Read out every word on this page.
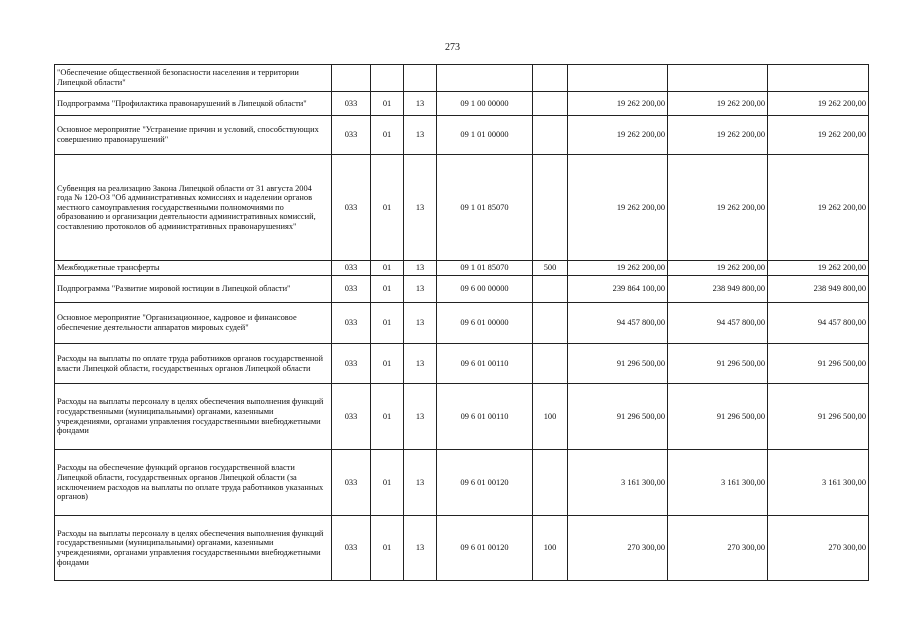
273
"Обеспечение общественной безопасности населения и территории Липецкой области"								
Подпрограмма "Профилактика правонарушений в Липецкой области"	033	01	13	09 1 00 00000		19 262 200,00	19 262 200,00	19 262 200,00
Основное мероприятие "Устранение причин и условий, способствующих совершению правонарушений"	033	01	13	09 1 01 00000		19 262 200,00	19 262 200,00	19 262 200,00
Субвенция на реализацию Закона Липецкой области от 31 августа 2004 года № 120-ОЗ "Об административных комиссиях и наделении органов местного самоуправления государственными полномочиями по образованию и организации деятельности административных комиссий, составлению протоколов об административных правонарушениях"	033	01	13	09 1 01 85070		19 262 200,00	19 262 200,00	19 262 200,00
Межбюджетные трансферты	033	01	13	09 1 01 85070	500	19 262 200,00	19 262 200,00	19 262 200,00
Подпрограмма "Развитие мировой юстиции в Липецкой области"	033	01	13	09 6 00 00000		239 864 100,00	238 949 800,00	238 949 800,00
Основное мероприятие "Организационное, кадровое и финансовое обеспечение деятельности аппаратов мировых судей"	033	01	13	09 6 01 00000		94 457 800,00	94 457 800,00	94 457 800,00
Расходы на выплаты по оплате труда работников органов государственной власти Липецкой области, государственных органов Липецкой области	033	01	13	09 6 01 00110		91 296 500,00	91 296 500,00	91 296 500,00
Расходы на выплаты персоналу в целях обеспечения выполнения функций государственными (муниципальными) органами, казенными учреждениями, органами управления государственными внебюджетными фондами	033	01	13	09 6 01 00110	100	91 296 500,00	91 296 500,00	91 296 500,00
Расходы на обеспечение функций органов государственной власти Липецкой области, государственных органов Липецкой области (за исключением расходов на выплаты по оплате труда работников указанных органов)	033	01	13	09 6 01 00120		3 161 300,00	3 161 300,00	3 161 300,00
Расходы на выплаты персоналу в целях обеспечения выполнения функций государственными (муниципальными) органами, казенными учреждениями, органами управления государственными внебюджетными фондами	033	01	13	09 6 01 00120	100	270 300,00	270 300,00	270 300,00
